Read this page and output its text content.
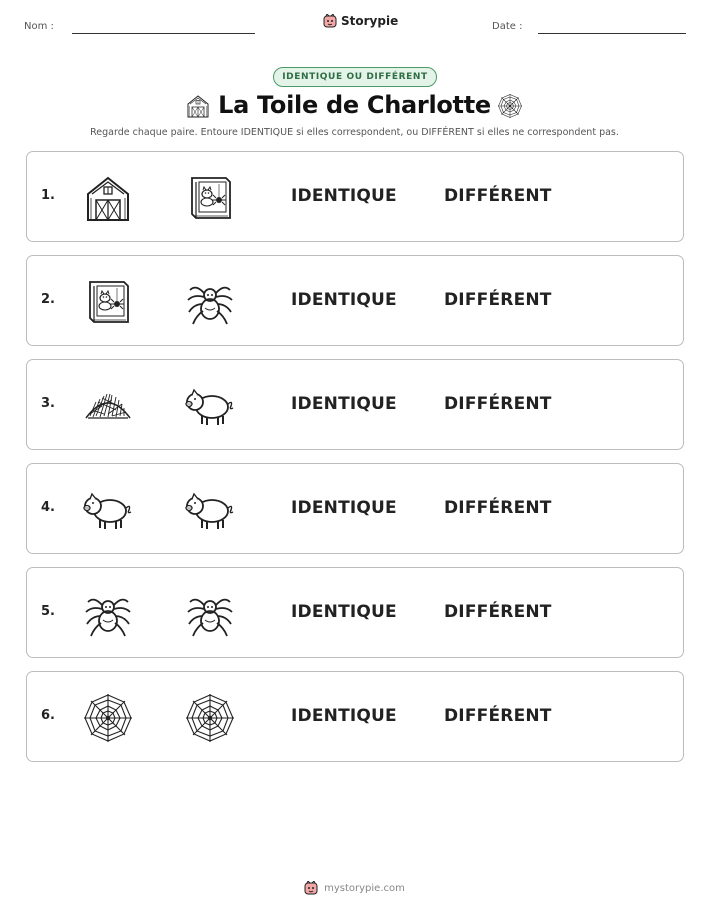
Nom :	Storypie	Date :
IDENTIQUE OU DIFFÉRENT
La Toile de Charlotte
Regarde chaque paire. Entoure IDENTIQUE si elles correspondent, ou DIFFÉRENT si elles ne correspondent pas.
1.	IDENTIQUE	DIFFÉRENT
2.	IDENTIQUE	DIFFÉRENT
3.	IDENTIQUE	DIFFÉRENT
4.	IDENTIQUE	DIFFÉRENT
5.	IDENTIQUE	DIFFÉRENT
6.	IDENTIQUE	DIFFÉRENT
mystorypie.com
